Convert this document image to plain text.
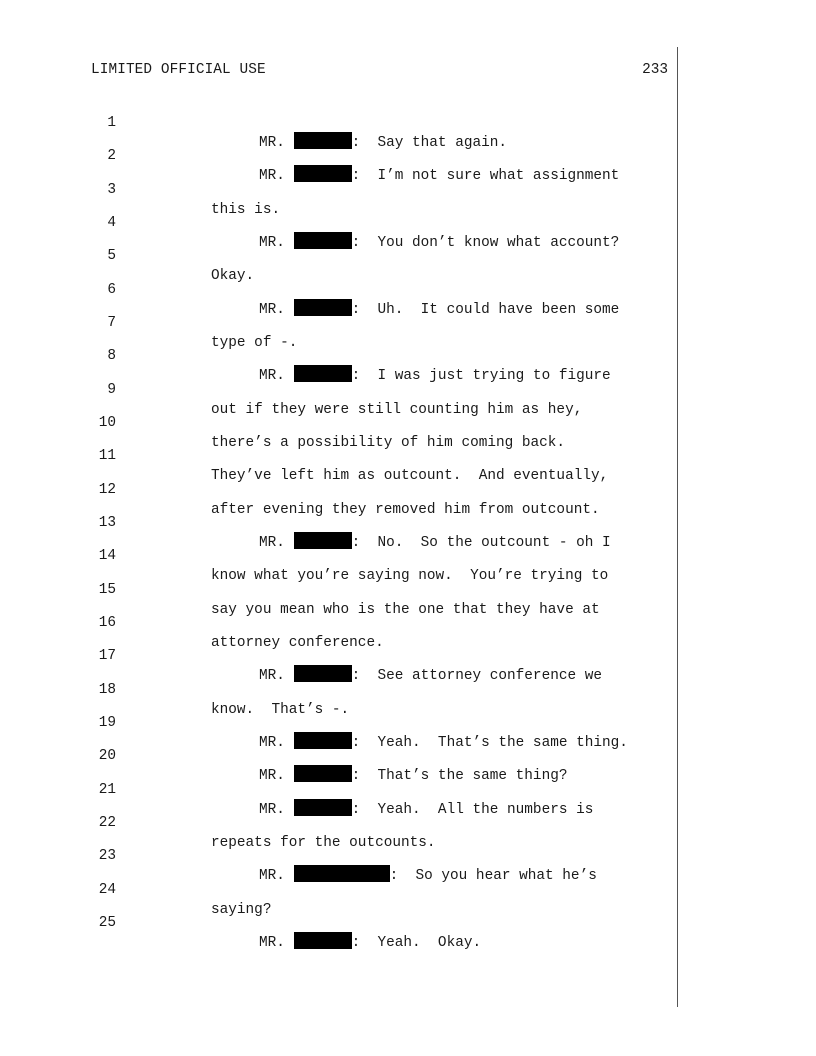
LIMITED OFFICIAL USE	233

1

MR.	: Say that again.

2

MR.	: I’m not sure what assignment

3

this is.

4

MR.	: You don’t know what account?

5

Okay.

6

MR.	: Uh.  It could have been some

7

type of -.

8

MR.	: I was just trying to figure

9

out if they were still counting him as hey,

10

there’s a possibility of him coming back.

11

They’ve left him as outcount.  And eventually,

12

after evening they removed him from outcount.

13

MR.	: No.  So the outcount - oh I

14

know what you’re saying now.  You’re trying to

15

say you mean who is the one that they have at

16

attorney conference.

17

MR.	: See attorney conference we

18

know.  That’s -.

19

MR.	: Yeah.  That’s the same thing.

20

MR.	: That’s the same thing?

21

MR.	: Yeah.  All the numbers is

22

repeats for the outcounts.

23

MR.	: So you hear what he’s

24

saying?

25

MR.	: Yeah.  Okay.
